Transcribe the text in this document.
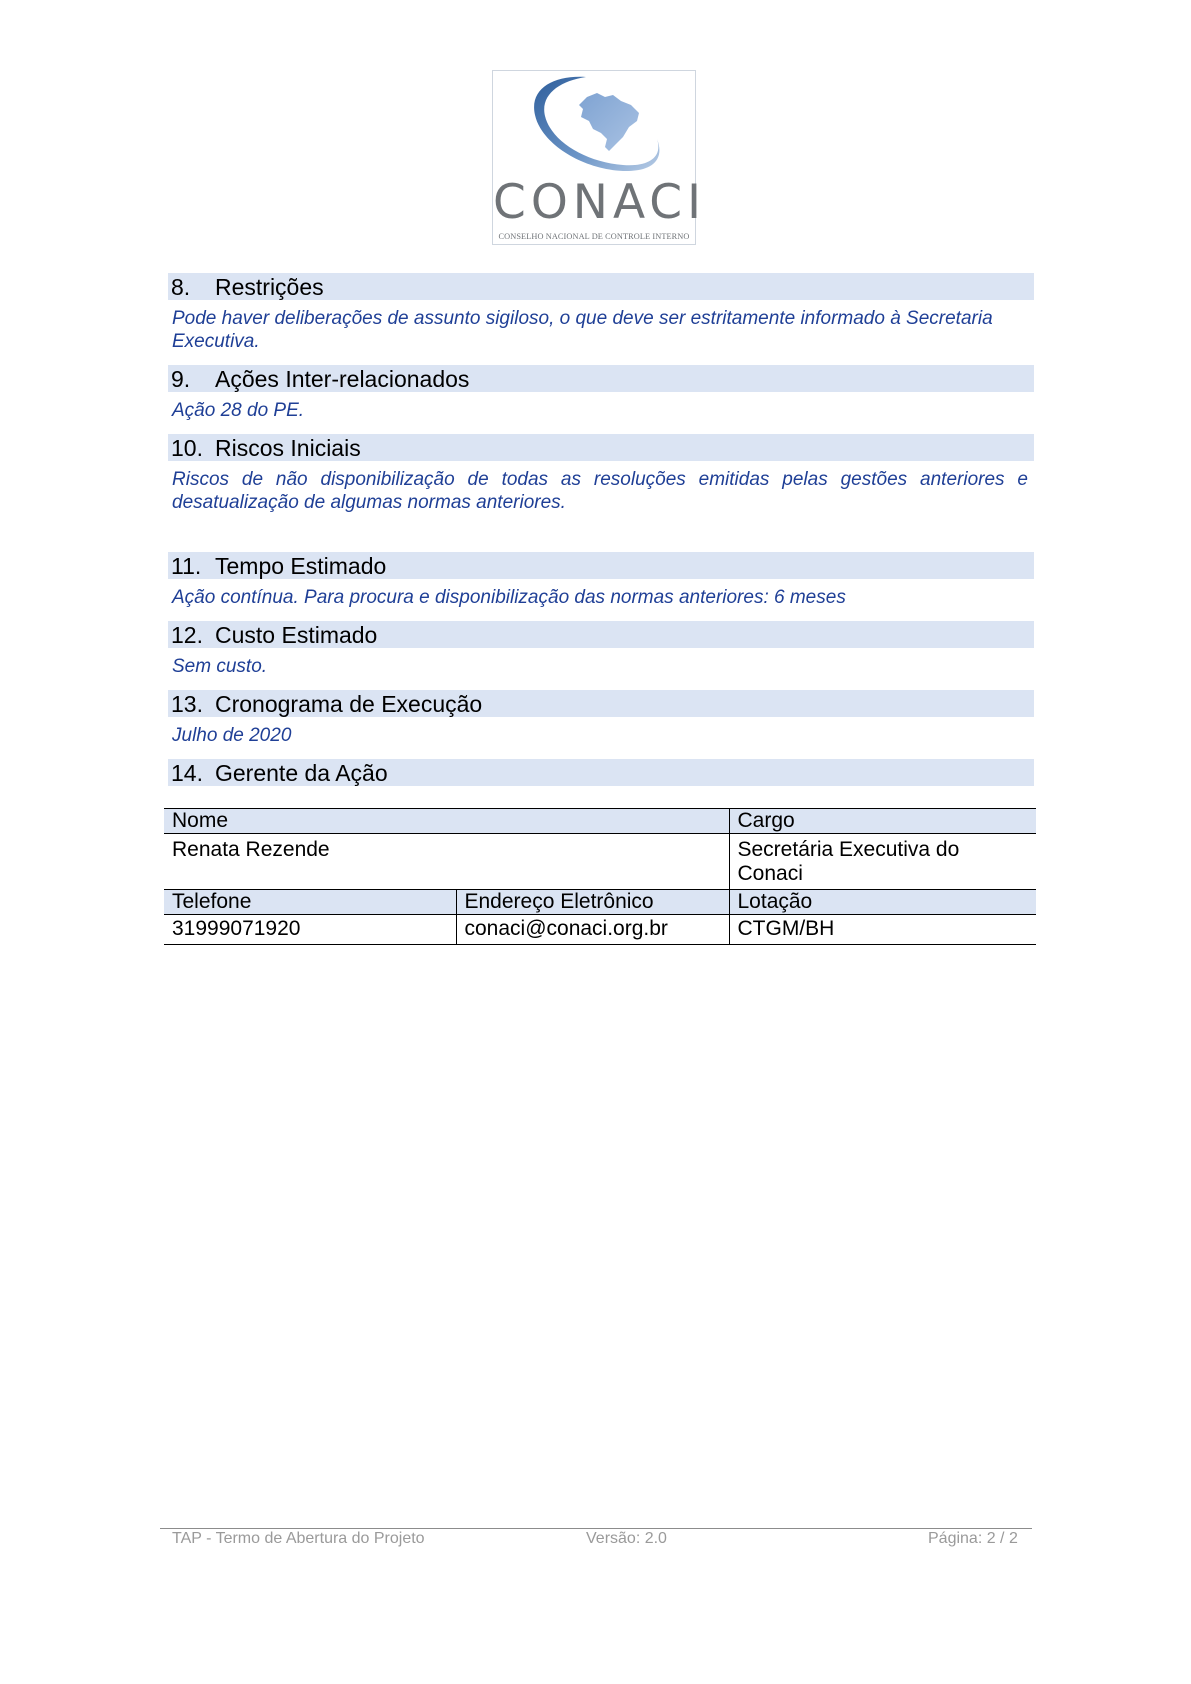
CONACI
CONSELHO NACIONAL DE CONTROLE INTERNO
8. Restrições
Pode haver deliberações de assunto sigiloso, o que deve ser estritamente informado à Secretaria Executiva.
9. Ações Inter-relacionados
Ação 28 do PE.
10. Riscos Iniciais
Riscos de não disponibilização de todas as resoluções emitidas pelas gestões anteriores e desatualização de algumas normas anteriores.
11. Tempo Estimado
Ação contínua. Para procura e disponibilização das normas anteriores: 6 meses
12. Custo Estimado
Sem custo.
13. Cronograma de Execução
Julho de 2020
14. Gerente da Ação
Nome		Cargo
Renata Rezende		Secretária Executiva do
Conaci

Telefone	Endereço Eletrônico	Lotação
31999071920	conaci@conaci.org.br	CTGM/BH
TAP - Termo de Abertura do Projeto	Versão: 2.0	Página: 2 / 2
